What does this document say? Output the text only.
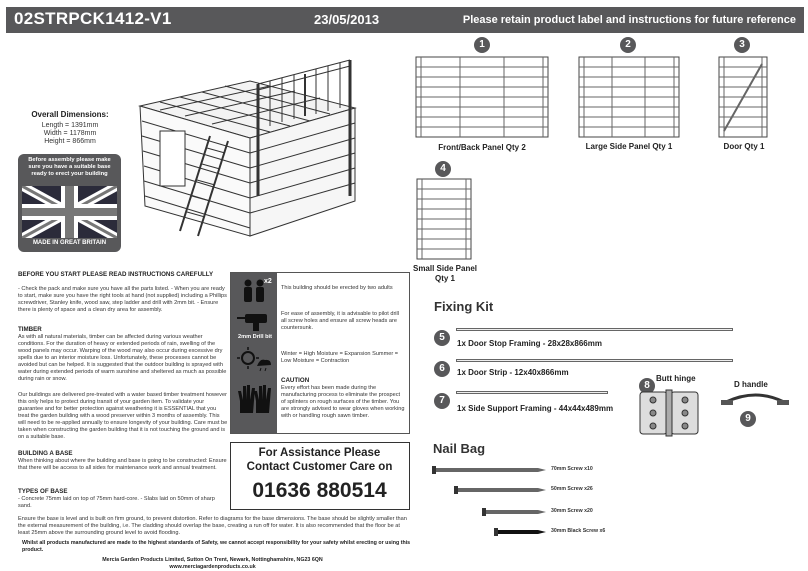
02STRPCK1412-V1	23/05/2013	Please retain product label and instructions for future reference
Overall Dimensions:
Length = 1391mm
Width = 1178mm
Height = 866mm
Before assembly please make sure you have a suitable base ready to erect your building
MADE IN GREAT BRITAIN
1
Front/Back Panel Qty 2
2
Large Side Panel Qty 1
3
Door Qty 1
4
Small Side Panel Qty 1
BEFORE YOU START PLEASE READ INSTRUCTIONS CAREFULLY
- Check the pack and make sure you have all the parts listed. - When you are ready to start, make sure you have the right tools at hand (not supplied) including a Phillips screwdriver, Stanley knife, wood saw, step ladder and drill with 2mm bit. - Ensure there is plenty of space and a clean dry area for assembly.
TIMBER
As with all natural materials, timber can be affected during various weather conditions. For the duration of heavy or extended periods of rain, swelling of the wood panels may occur. Warping of the wood may also occur during excessive dry spells due to an interior moisture loss. Unfortunately, these processes cannot be avoided but can be helped. It is suggested that the outdoor building is sprayed with water during extended periods of warm sunshine and sheltered as much as possible during rain or snow.
Our buildings are delivered pre-treated with a water based timber treatment however this only helps to protect during transit of your garden item. To validate your guarantee and for better protection against weathering it is ESSENTIAL that you treat the garden building with a wood preserver within 3 months of assembly. This will need to be re-applied annually to ensure longevity of your building. Care must be taken when constructing the garden building that it is not touching the ground and is on a suitable base.
BUILDING A BASE
When thinking about where the building and base is going to be constructed: Ensure that there will be access to all sides for maintenance work and annual treatment.
TYPES OF BASE
- Concrete 75mm laid on top of 75mm hard-core. - Slabs laid on 50mm of sharp sand.
Ensure the base is level and is built on firm ground, to prevent distortion. Refer to diagrams for the base dimensions. The base should be slightly smaller than the external measurement of the building, i.e. The cladding should overlap the base, creating a run off for water. It is also recommended that the floor be at least 25mm above the surrounding ground level to avoid flooding.
Whilst all products manufactured are made to the highest standards of Safety, we cannot accept responsibility for your safety whilst erecting or using this product.
Mercia Garden Products Limited, Sutton On Trent, Newark, Nottinghamshire, NG23 6QN
www.merciagardenproducts.co.uk
x2
This building should be erected by two adults
2mm Drill bit
For ease of assembly, it is advisable to pilot drill all screw holes and ensure all screw heads are countersunk.
Winter = High Moisture = Expansion Summer = Low Moisture = Contraction
CAUTION
Every effort has been made during the manufacturing process to eliminate the prospect of splinters on rough surfaces of the timber. You are strongly advised to wear gloves when working with or handling rough sawn timber.
For Assistance Please
Contact Customer Care on
01636 880514
Fixing Kit
5
1x Door Stop Framing - 28x28x866mm
6	1x Door Strip - 12x40x866mm
7
1x Side Support Framing - 44x44x489mm
Butt hinge
8	D handle
9
Nail Bag
70mm Screw x10
50mm Screw x26
30mm Screw x20
30mm Black Screw x6
